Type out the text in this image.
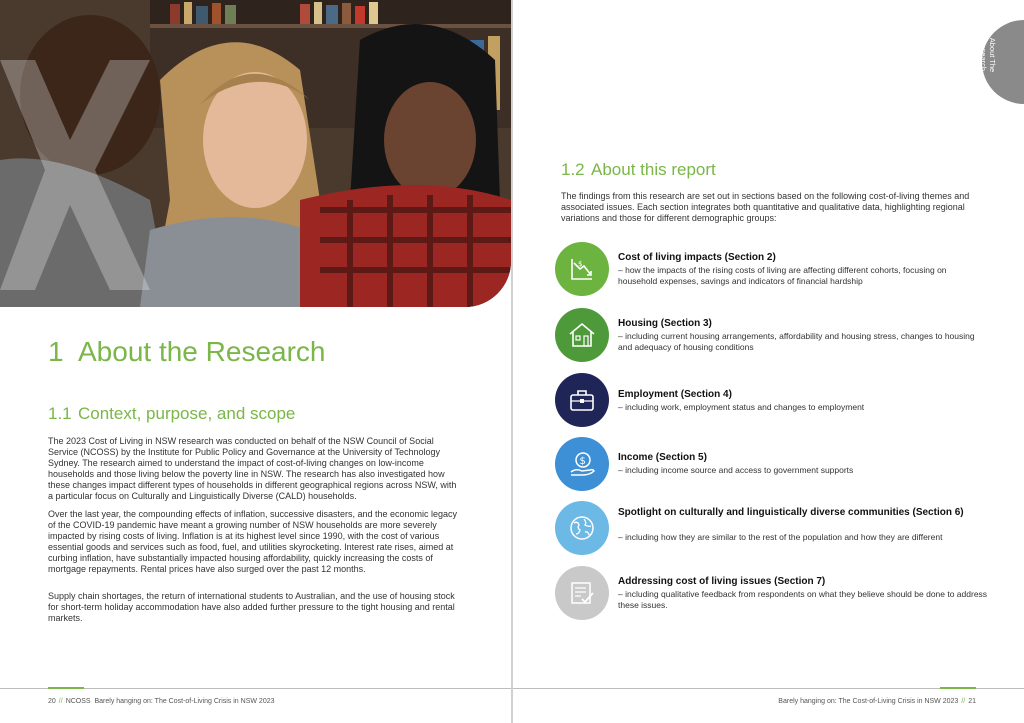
1 About the Research
1.1 Context, purpose, and scope

The 2023 Cost of Living in NSW research was conducted on behalf of the NSW Council of Social Service (NCOSS) by the Institute for Public Policy and Governance at the University of Technology Sydney. The research aimed to understand the impact of cost-of-living changes on low-income households and those living below the poverty line in NSW. The research has also investigated how these changes impact different types of households in different geographical regions across NSW, with a particular focus on Culturally and Linguistically Diverse (CALD) households.

Over the last year, the compounding effects of inflation, successive disasters, and the economic legacy of the COVID-19 pandemic have meant a growing number of NSW households are more severely impacted by rising costs of living. Inflation is at its highest level since 1990, with the cost of various essential goods and services such as food, fuel, and utilities skyrocketing. Interest rate rises, aimed at curbing inflation, have substantially impacted housing affordability, quickly increasing the costs of mortgage repayments. Rental prices have also surged over the past 12 months.

Supply chain shortages, the return of international students to Australian, and the use of housing stock for short-term holiday accommodation have also added further pressure to the tight housing and rental markets.

20 // NCOSS Barely hanging on: The Cost-of-Living Crisis in NSW 2023
About The Research
1.2 About this report

The findings from this research are set out in sections based on the following cost-of-living themes and associated issues. Each section integrates both quantitative and qualitative data, highlighting regional variations and those for different demographic groups:

$
Cost of living impacts (Section 2)
– how the impacts of the rising costs of living are affecting different cohorts, focusing on household expenses, savings and indicators of financial hardship
Housing (Section 3)
– including current housing arrangements, affordability and housing stress, changes to housing and adequacy of housing conditions
Employment (Section 4)
– including work, employment status and changes to employment
$	Income (Section 5)
– including income source and access to government supports
Spotlight on culturally and linguistically diverse communities (Section 6)
– including how they are similar to the rest of the population and how they are different
Addressing cost of living issues (Section 7)
– including qualitative feedback from respondents on what they believe should be done to address these issues.
Barely hanging on: The Cost-of-Living Crisis in NSW 2023 // 21
